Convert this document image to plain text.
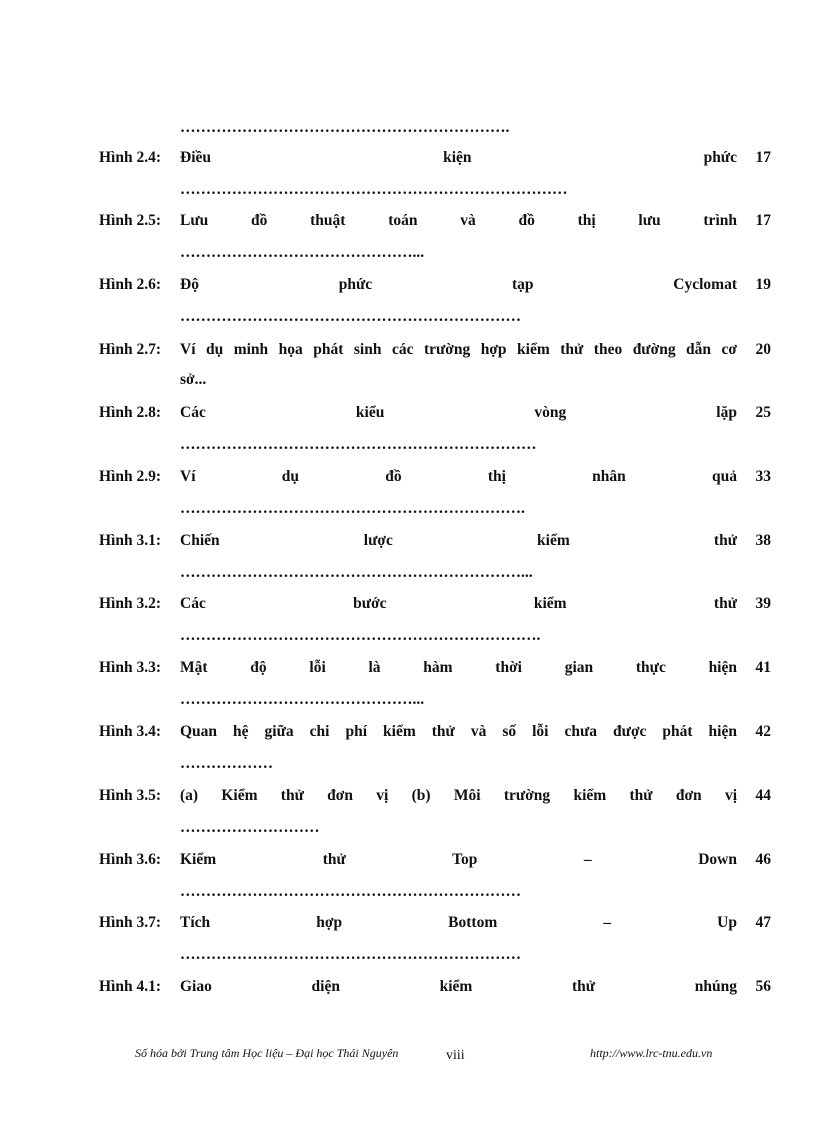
……………………………………………………….
Hình 2.4: Điều kiện phức	17
…………………………………………………………………
Hình 2.5: Lưu đồ thuật toán và đồ thị lưu trình	17
………………………………………...
Hình 2.6: Độ phức tạp Cyclomat	19
…………………………………………………………
Hình 2.7: Ví dụ minh họa phát sinh các trường hợp kiểm thử theo đường dẫn cơ	20
sở...
Hình 2.8: Các kiểu vòng lặp	25
……………………………………………………………
Hình 2.9: Ví dụ đồ thị nhân quả	33
………………………………………………………….
Hình 3.1: Chiến lược kiểm thử	38
…………………………………………………………...
Hình 3.2: Các bước kiểm thử	39
…………………………………………………………….
Hình 3.3: Mật độ lỗi là hàm thời gian thực hiện	41
………………………………………...
Hình 3.4: Quan hệ giữa chi phí kiểm thử và số lỗi chưa được phát hiện	42
………………
Hình 3.5: (a) Kiểm thử đơn vị (b) Môi trường kiểm thử đơn vị	44
………………………
Hình 3.6: Kiểm thử Top – Down	46
…………………………………………………………
Hình 3.7: Tích hợp Bottom – Up	47
…………………………………………………………
Hình 4.1: Giao diện kiểm thử nhúng	56
Số hóa bởi Trung tâm Học liệu – Đại học Thái Nguyên	viii	http://www.lrc-tnu.edu.vn
